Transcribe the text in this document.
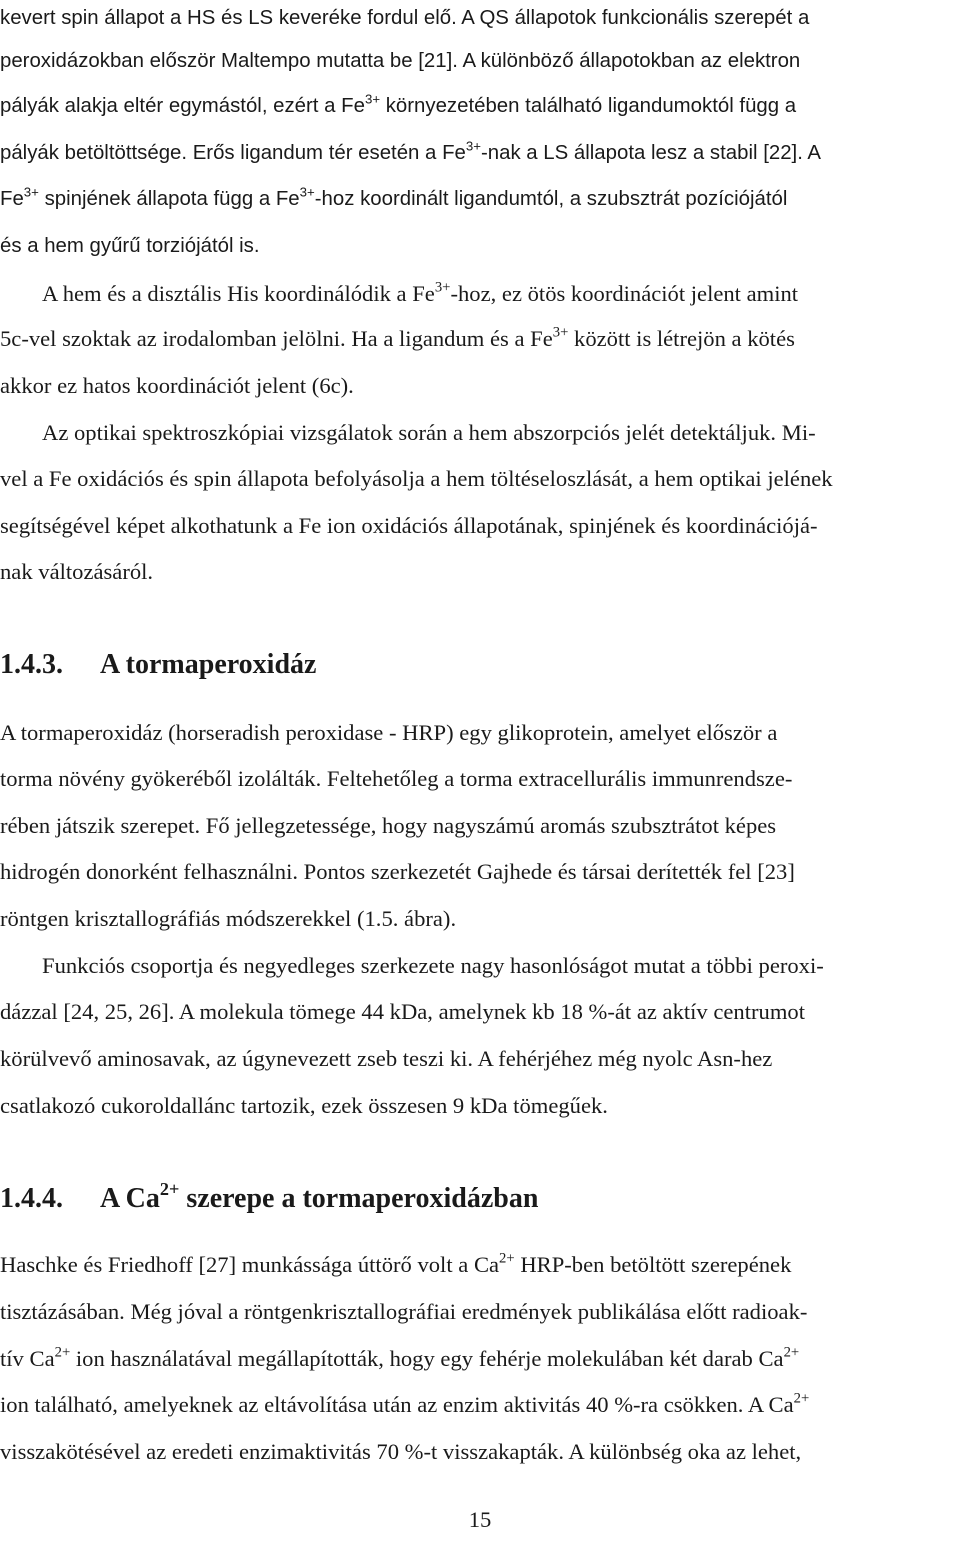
kevert spin állapot a HS és LS keveréke fordul elő. A QS állapotok funkcionális szerepét a

peroxidázokban először Maltempo mutatta be [21]. A különböző állapotokban az elektron

pályák alakja eltér egymástól, ezért a $Fe^{3+}$ környezetében található ligandumoktól függ a

pályák betöltöttsége. Erős ligandum tér esetén a $Fe^{3+}$-nak a LS állapota lesz a stabil [22]. A

$Fe^{3+}$ spinjének állapota függ a $Fe^{3+}$-hoz koordinált ligandumtól, a szubsztrát pozíciójától

és a hem gyűrű torziójától is.

A hem és a disztális His koordinálódik a $Fe^{3+}$-hoz, ez ötös koordinációt jelent amint

5c-vel szoktak az irodalomban jelölni. Ha a ligandum és a $Fe^{3+}$ között is létrejön a kötés

akkor ez hatos koordinációt jelent (6c).

Az optikai spektroszkópiai vizsgálatok során a hem abszorpciós jelét detektáljuk. Mi-

vel a Fe oxidációs és spin állapota befolyásolja a hem töltéseloszlását, a hem optikai jelének

segítségével képet alkothatunk a Fe ion oxidációs állapotának, spinjének és koordinációjá-

nak változásáról.

1.4.3. A tormaperoxidáz

A tormaperoxidáz (horseradish peroxidase - HRP) egy glikoprotein, amelyet először a

torma növény gyökeréből izolálták. Feltehetőleg a torma extracellurális immunrendsze-

rében játszik szerepet. Fő jellegzetessége, hogy nagyszámú aromás szubsztrátot képes

hidrogén donorként felhasználni. Pontos szerkezetét Gajhede és társai derítették fel [23]

röntgen krisztallográfiás módszerekkel (1.5. ábra).

Funkciós csoportja és negyedleges szerkezete nagy hasonlóságot mutat a többi peroxi-

dázzal [24, 25, 26]. A molekula tömege 44 kDa, amelynek kb 18 %-át az aktív centrumot

körülvevő aminosavak, az úgynevezett zseb teszi ki. A fehérjéhez még nyolc Asn-hez

csatlakozó cukoroldallánc tartozik, ezek összesen 9 kDa tömegűek.

1.4.4. A $Ca^{2+}$ szerepe a tormaperoxidázban

Haschke és Friedhoff [27] munkássága úttörő volt a $Ca^{2+}$ HRP-ben betöltött szerepének

tisztázásában. Még jóval a röntgenkrisztallográfiai eredmények publikálása előtt radioak-

tív $Ca^{2+}$ ion használatával megállapították, hogy egy fehérje molekulában két darab $Ca^{2+}$

ion található, amelyeknek az eltávolítása után az enzim aktivitás 40 %-ra csökken. A $Ca^{2+}$

visszakötésével az eredeti enzimaktivitás 70 %-t visszakapták. A különbség oka az lehet,

15
